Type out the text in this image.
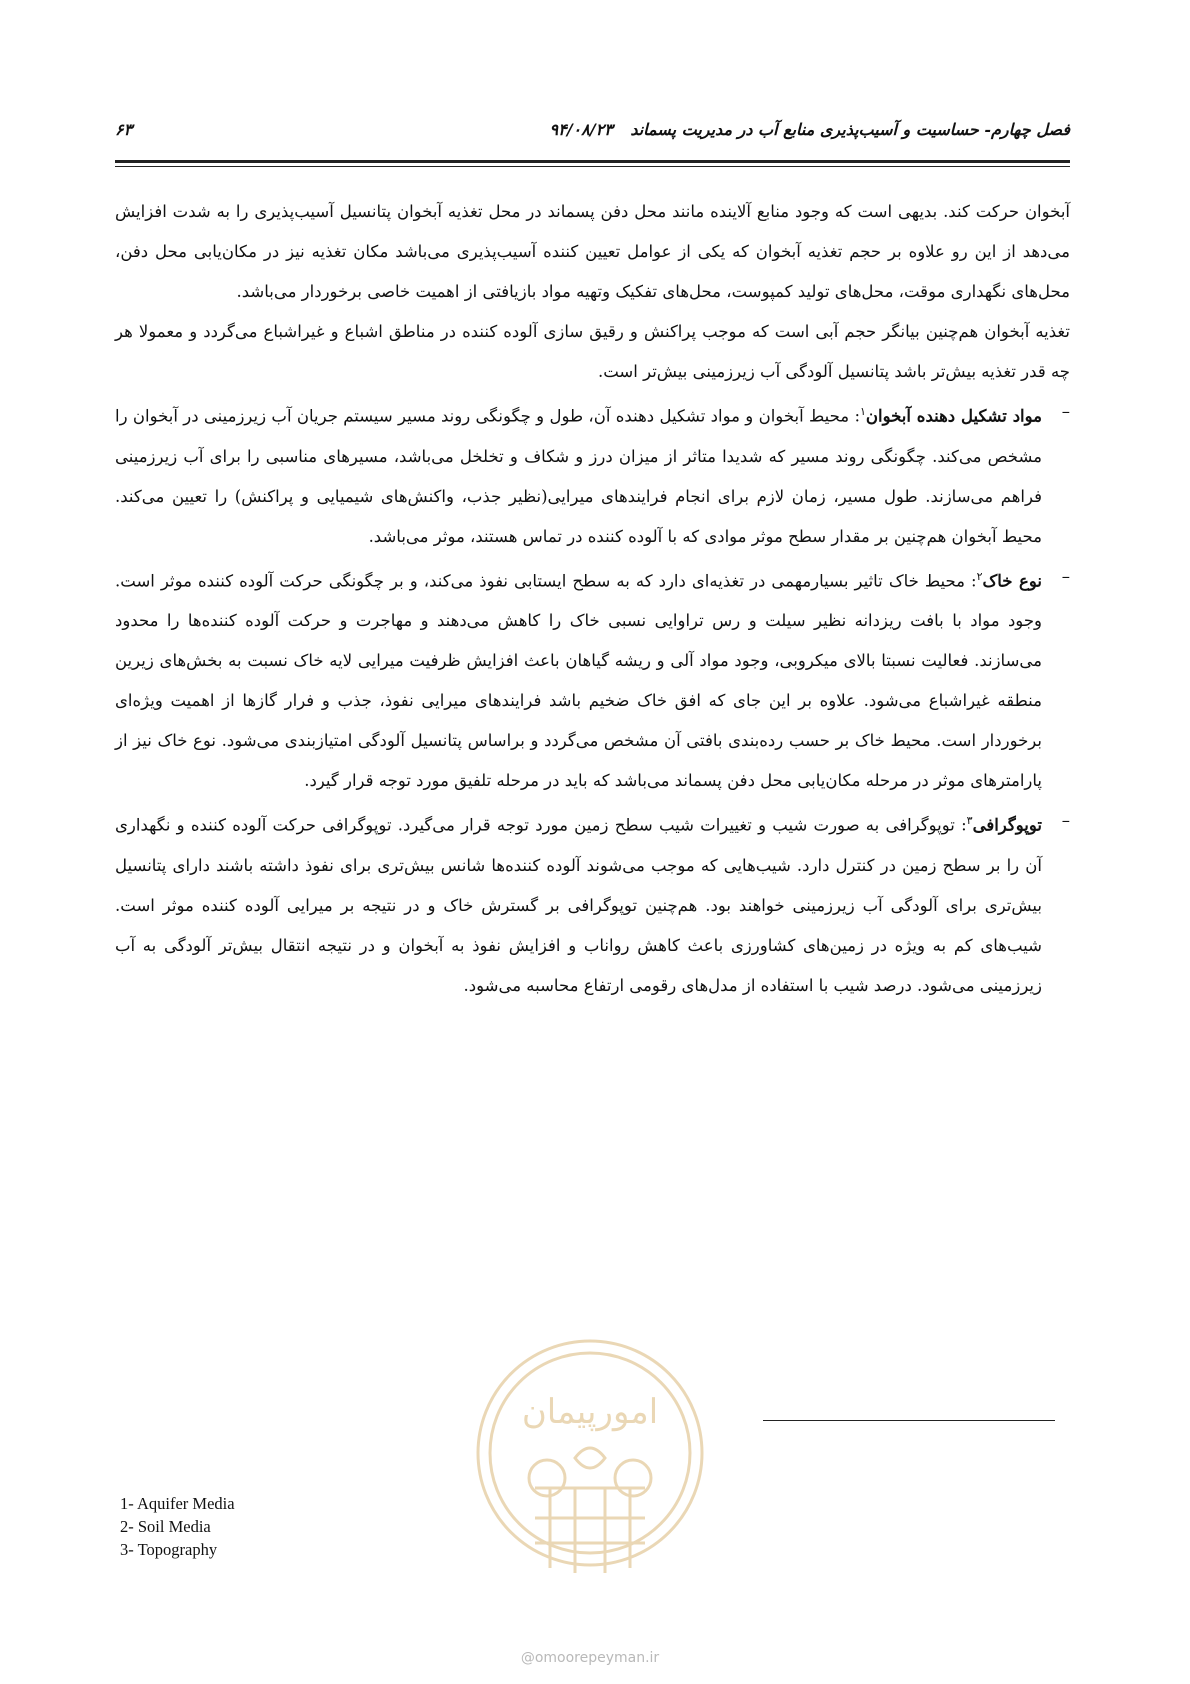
فصل چهارم- حساسیت و آسیب‌پذیری منابع آب در مدیریت پسماند ۹۴/۰۸/۲۳
۶۳

آبخوان حرکت کند. بدیهی است که وجود منابع آلاینده مانند محل دفن پسماند در محل تغذیه آبخوان پتانسیل آسیب‌پذیری را به شدت افزایش می‌دهد از این رو علاوه بر حجم تغذیه آبخوان که یکی از عوامل تعیین کننده آسیب‌پذیری می‌باشد مکان تغذیه نیز در مکان‌یابی محل دفن، محل‌های نگهداری موقت، محل‌های تولید کمپوست، محل‌های تفکیک وتهیه مواد بازیافتی از اهمیت خاصی برخوردار می‌باشد.

تغذیه آبخوان هم‌چنین بیانگر حجم آبی است که موجب پراکنش و رقیق سازی آلوده کننده در مناطق اشباع و غیراشباع می‌گردد و معمولا هر چه قدر تغذیه بیش‌تر باشد پتانسیل آلودگی آب زیرزمینی بیش‌تر است.

–
مواد تشکیل دهنده آبخوان$^۱$: محیط آبخوان و مواد تشکیل دهنده آن، طول و چگونگی روند مسیر سیستم جریان آب زیرزمینی در آبخوان را مشخص می‌کند. چگونگی روند مسیر که شدیدا متاثر از میزان درز و شکاف و تخلخل می‌باشد، مسیرهای مناسبی را برای آب زیرزمینی فراهم می‌سازند. طول مسیر، زمان لازم برای انجام فرایندهای میرایی(نظیر جذب، واکنش‌های شیمیایی و پراکنش) را تعیین می‌کند. محیط آبخوان هم‌چنین بر مقدار سطح موثر موادی که با آلوده کننده در تماس هستند، موثر می‌باشد.

–
نوع خاک$^۲$: محیط خاک تاثیر بسیارمهمی در تغذیه‌ای دارد که به سطح ایستابی نفوذ می‌کند، و بر چگونگی حرکت آلوده کننده موثر است. وجود مواد با بافت ریزدانه نظیر سیلت و رس تراوایی نسبی خاک را کاهش می‌دهند و مهاجرت و حرکت آلوده کننده‌ها را محدود می‌سازند. فعالیت نسبتا بالای میکروبی، وجود مواد آلی و ریشه گیاهان باعث افزایش ظرفیت میرایی لایه خاک نسبت به بخش‌های زیرین منطقه غیراشباع می‌شود. علاوه بر این جای که افق خاک ضخیم باشد فرایندهای میرایی نفوذ، جذب و فرار گازها از اهمیت ویژه‌ای برخوردار است. محیط خاک بر حسب رده‌بندی بافتی آن مشخص می‌گردد و براساس پتانسیل آلودگی امتیازبندی می‌شود. نوع خاک نیز از پارامترهای موثر در مرحله مکان‌یابی محل دفن پسماند می‌باشد که باید در مرحله تلفیق مورد توجه قرار گیرد.

–
توپوگرافی$^۳$: توپوگرافی به صورت شیب و تغییرات شیب سطح زمین مورد توجه قرار می‌گیرد. توپوگرافی حرکت آلوده کننده و نگهداری آن را بر سطح زمین در کنترل دارد. شیب‌هایی که موجب می‌شوند آلوده کننده‌ها شانس بیش‌تری برای نفوذ داشته باشند دارای پتانسیل بیش‌تری برای آلودگی آب زیرزمینی خواهند بود. هم‌چنین توپوگرافی بر گسترش خاک و در نتیجه بر میرایی آلوده کننده موثر است. شیب‌های کم به ویژه در زمین‌های کشاورزی باعث کاهش رواناب و افزایش نفوذ به آبخوان و در نتیجه انتقال بیش‌تر آلودگی به آب زیرزمینی می‌شود. درصد شیب با استفاده از مدل‌های رقومی ارتفاع محاسبه می‌شود.

امورپیمان
@omoorepeyman.ir
1- Aquifer Media
2- Soil Media
3- Topography
